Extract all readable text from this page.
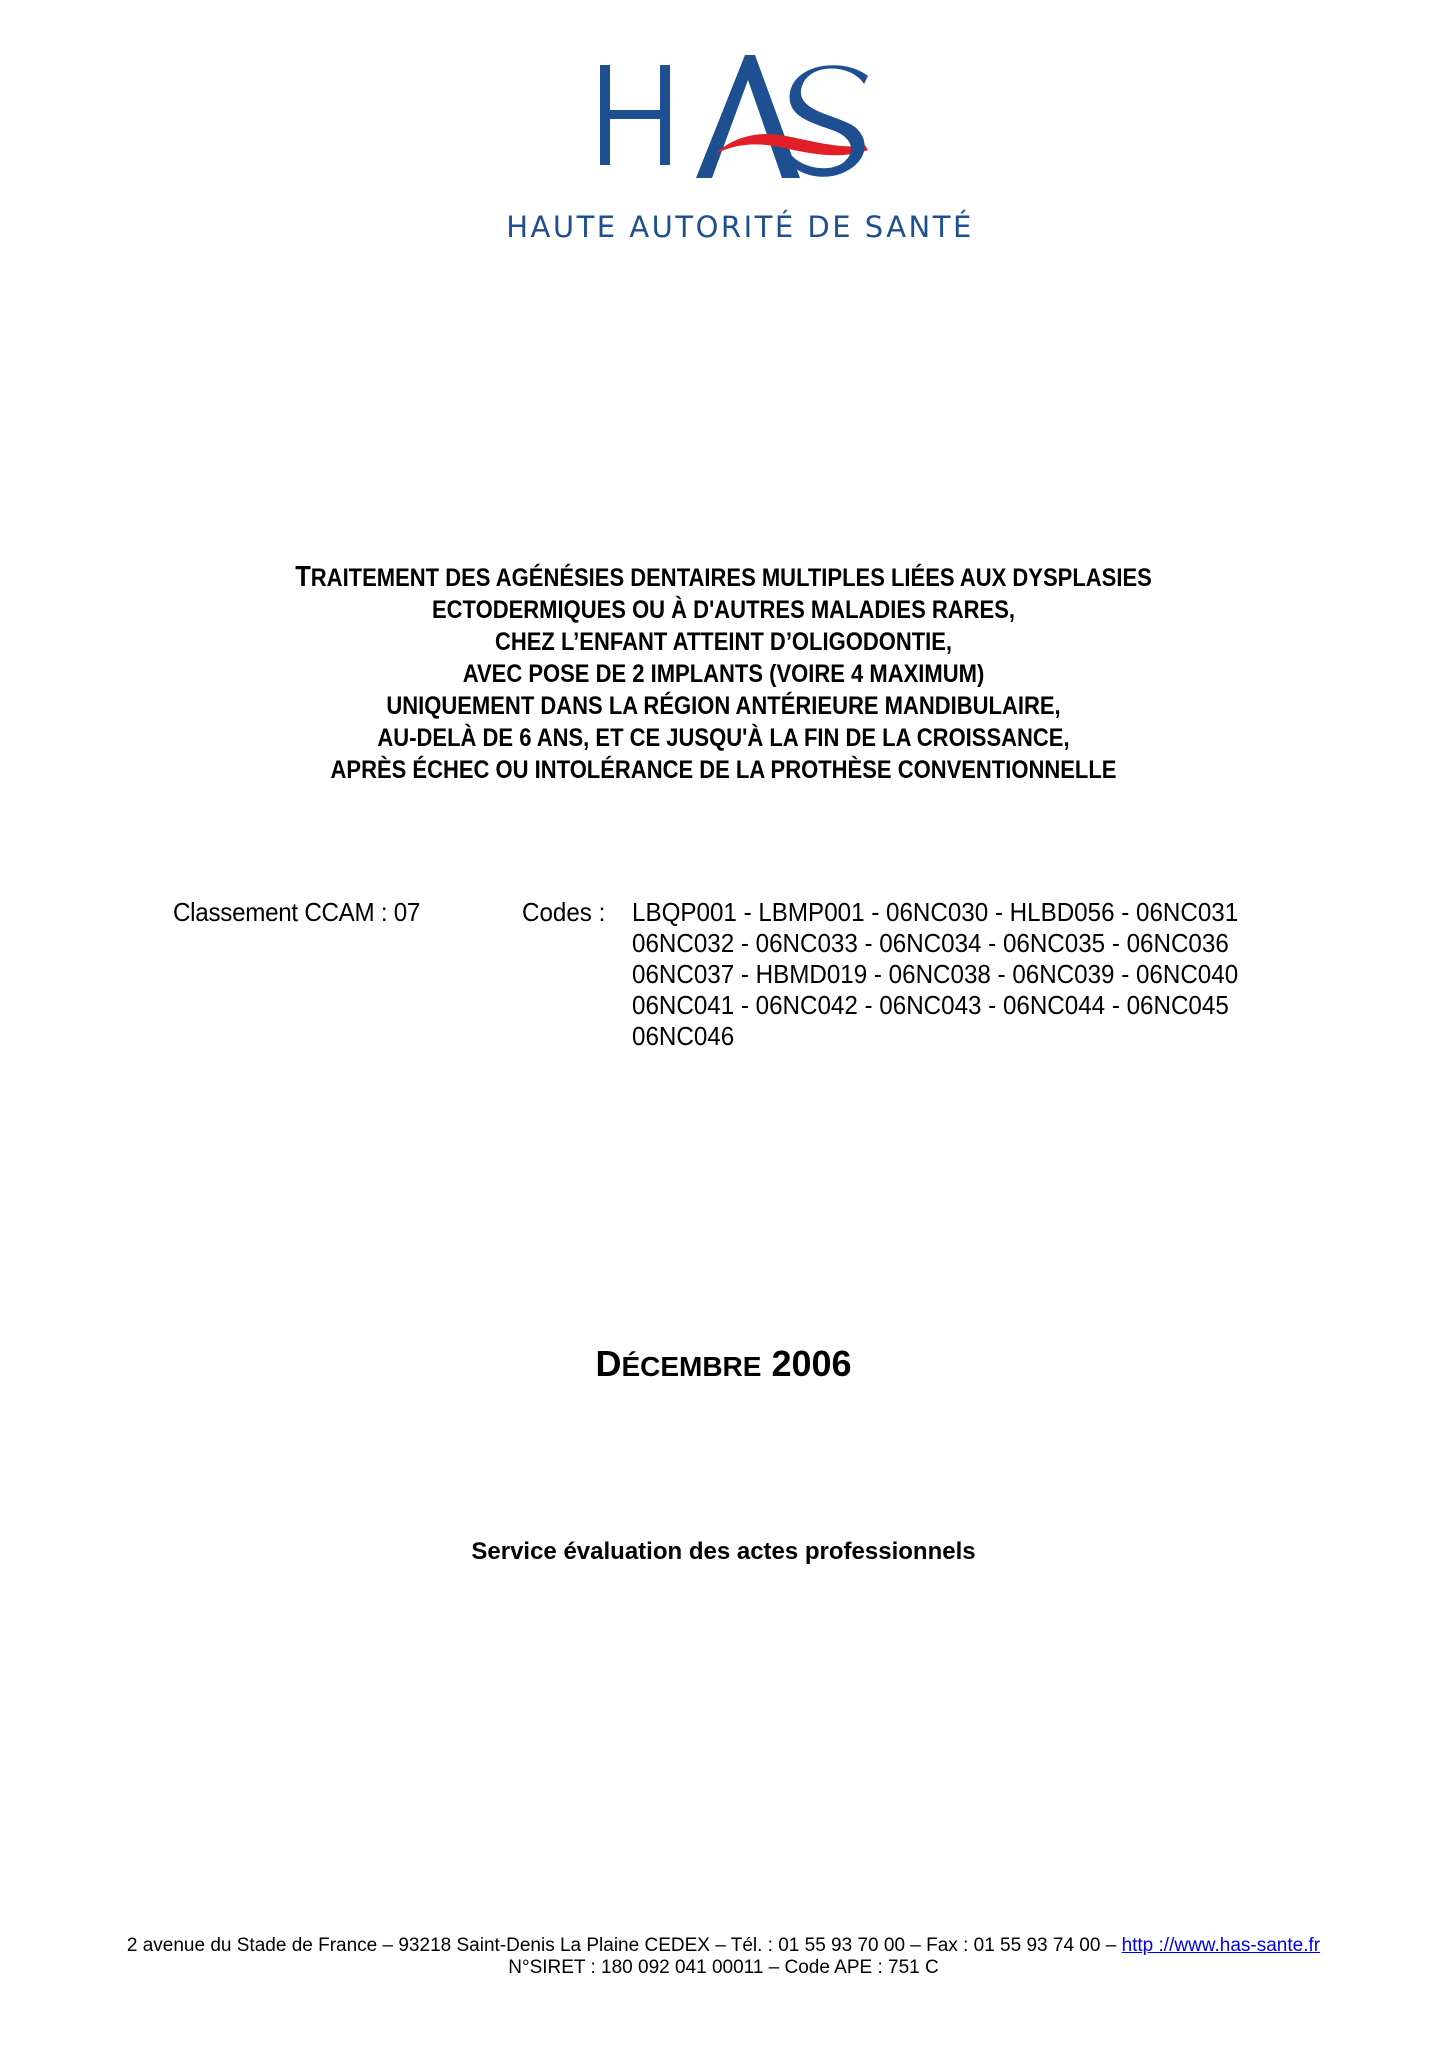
HAUTE AUTORITÉ DE SANTÉ
TRAITEMENT DES AGÉNÉSIES DENTAIRES MULTIPLES LIÉES AUX DYSPLASIES
ECTODERMIQUES OU À D'AUTRES MALADIES RARES,
CHEZ L’ENFANT ATTEINT D’OLIGODONTIE,
AVEC POSE DE 2 IMPLANTS (VOIRE 4 MAXIMUM)
UNIQUEMENT DANS LA RÉGION ANTÉRIEURE MANDIBULAIRE,
AU-DELÀ DE 6 ANS, ET CE JUSQU'À LA FIN DE LA CROISSANCE,
APRÈS ÉCHEC OU INTOLÉRANCE DE LA PROTHÈSE CONVENTIONNELLE
Classement CCAM : 07	Codes : LBQP001 - LBMP001 - 06NC030 - HLBD056 - 06NC031
06NC032 - 06NC033 - 06NC034 - 06NC035 - 06NC036
06NC037 - HBMD019 - 06NC038 - 06NC039 - 06NC040
06NC041 - 06NC042 - 06NC043 - 06NC044 - 06NC045
06NC046
DÉCEMBRE 2006
Service évaluation des actes professionnels
2 avenue du Stade de France – 93218 Saint-Denis La Plaine CEDEX – Tél. : 01 55 93 70 00 – Fax : 01 55 93 74 00 – http ://www.has-sante.fr
N°SIRET : 180 092 041 00011 – Code APE : 751 C
